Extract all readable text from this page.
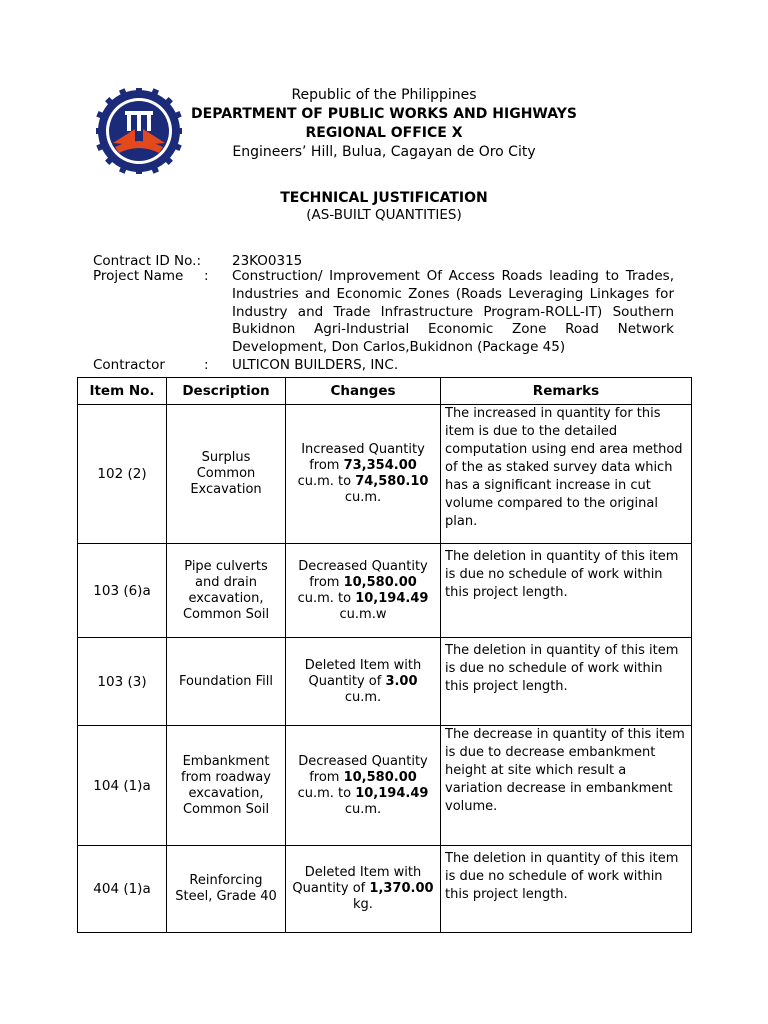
Republic of the Philippines
DEPARTMENT OF PUBLIC WORKS AND HIGHWAYS
REGIONAL OFFICE X
Engineers’ Hill, Bulua, Cagayan de Oro City
TECHNICAL JUSTIFICATION
(AS-BUILT QUANTITIES)
Contract ID No.: 23KO0315
Project Name : Construction/ Improvement Of Access Roads leading to Trades, Industries and Economic Zones (Roads Leveraging Linkages for Industry and Trade Infrastructure Program-ROLL-IT) Southern Bukidnon Agri-Industrial Economic Zone Road Network Development, Don Carlos,Bukidnon (Package 45)
Contractor	: ULTICON BUILDERS, INC.
Item No.	Description	Changes	Remarks
102 (2)	Surplus Common Excavation	Increased Quantity from 73,354.00 cu.m. to 74,580.10 cu.m.	The increased in quantity for this item is due to the detailed computation using end area method of the as staked survey data which has a significant increase in cut volume compared to the original plan.
103 (6)a	Pipe culverts and drain excavation, Common Soil	Decreased Quantity from 10,580.00 cu.m. to 10,194.49 cu.m.w	The deletion in quantity of this item is due no schedule of work within this project length.
103 (3)	Foundation Fill	Deleted Item with Quantity of 3.00 cu.m.	The deletion in quantity of this item is due no schedule of work within this project length.
104 (1)a	Embankment from roadway excavation, Common Soil	Decreased Quantity from 10,580.00 cu.m. to 10,194.49 cu.m.	The decrease in quantity of this item is due to decrease embankment height at site which result a variation decrease in embankment volume.
404 (1)a	Reinforcing Steel, Grade 40	Deleted Item with Quantity of 1,370.00 kg.	The deletion in quantity of this item is due no schedule of work within this project length.
